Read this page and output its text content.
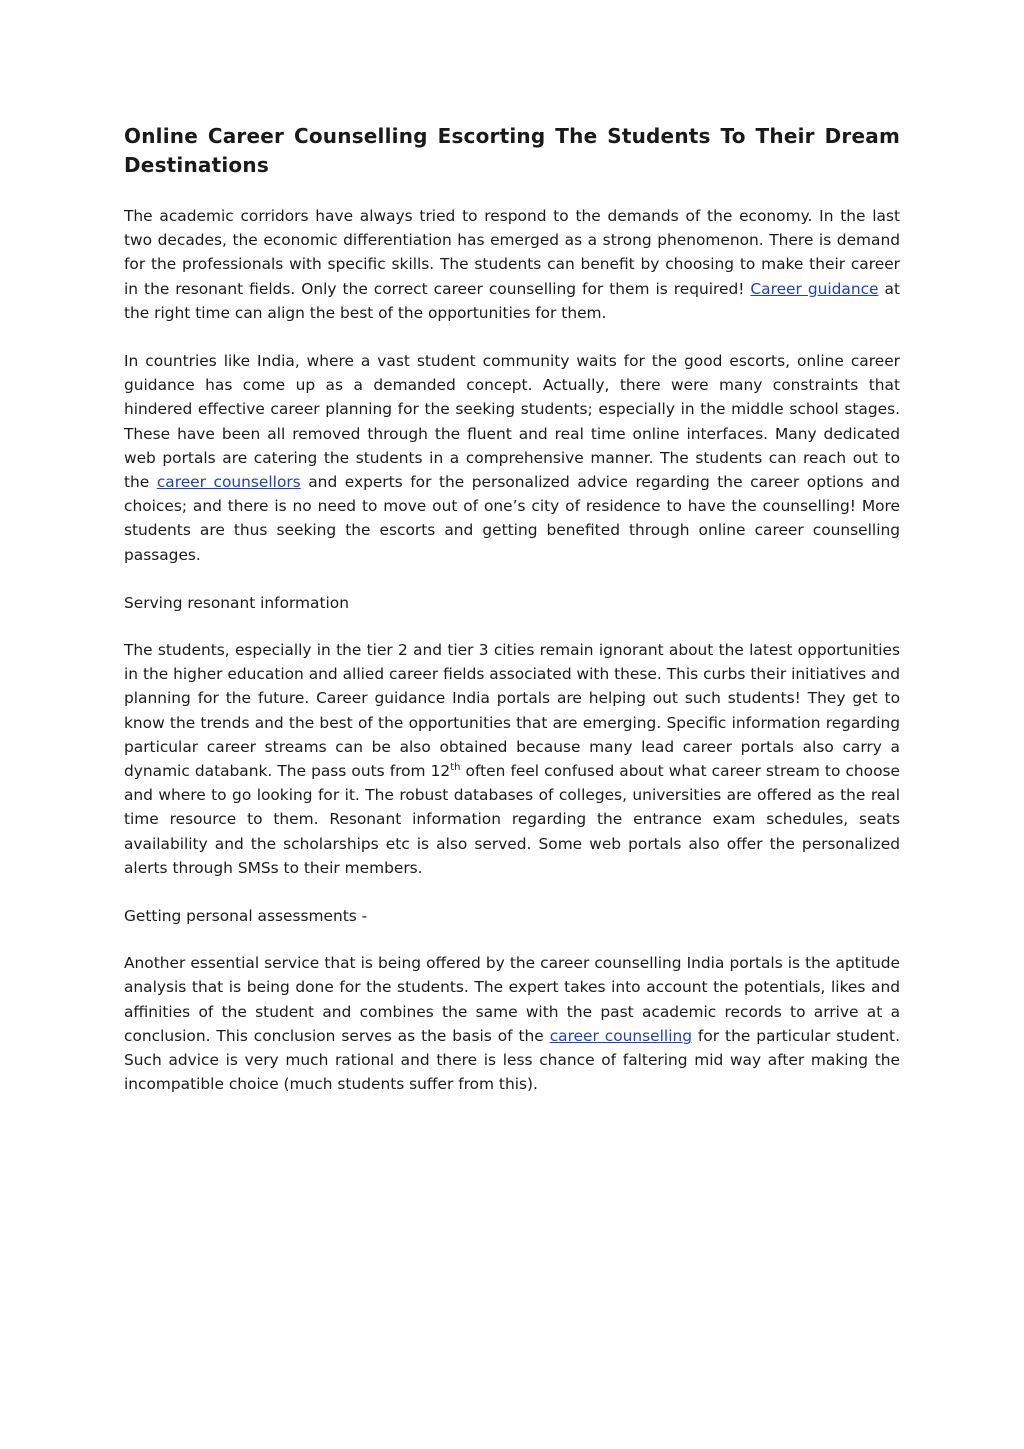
Online Career Counselling Escorting The Students To Their Dream Destinations

The academic corridors have always tried to respond to the demands of the economy. In the last two decades, the economic differentiation has emerged as a strong phenomenon. There is demand for the professionals with specific skills. The students can benefit by choosing to make their career in the resonant fields. Only the correct career counselling for them is required! Career guidance at the right time can align the best of the opportunities for them.

In countries like India, where a vast student community waits for the good escorts, online career guidance has come up as a demanded concept. Actually, there were many constraints that hindered effective career planning for the seeking students; especially in the middle school stages. These have been all removed through the fluent and real time online interfaces. Many dedicated web portals are catering the students in a comprehensive manner. The students can reach out to the career counsellors and experts for the personalized advice regarding the career options and choices; and there is no need to move out of one’s city of residence to have the counselling! More students are thus seeking the escorts and getting benefited through online career counselling passages.

Serving resonant information

The students, especially in the tier 2 and tier 3 cities remain ignorant about the latest opportunities in the higher education and allied career fields associated with these. This curbs their initiatives and planning for the future. Career guidance India portals are helping out such students! They get to know the trends and the best of the opportunities that are emerging. Specific information regarding particular career streams can be also obtained because many lead career portals also carry a dynamic databank. The pass outs from 12th often feel confused about what career stream to choose and where to go looking for it. The robust databases of colleges, universities are offered as the real time resource to them. Resonant information regarding the entrance exam schedules, seats availability and the scholarships etc is also served. Some web portals also offer the personalized alerts through SMSs to their members.

Getting personal assessments -

Another essential service that is being offered by the career counselling India portals is the aptitude analysis that is being done for the students. The expert takes into account the potentials, likes and affinities of the student and combines the same with the past academic records to arrive at a conclusion. This conclusion serves as the basis of the career counselling for the particular student. Such advice is very much rational and there is less chance of faltering mid way after making the incompatible choice (much students suffer from this).
